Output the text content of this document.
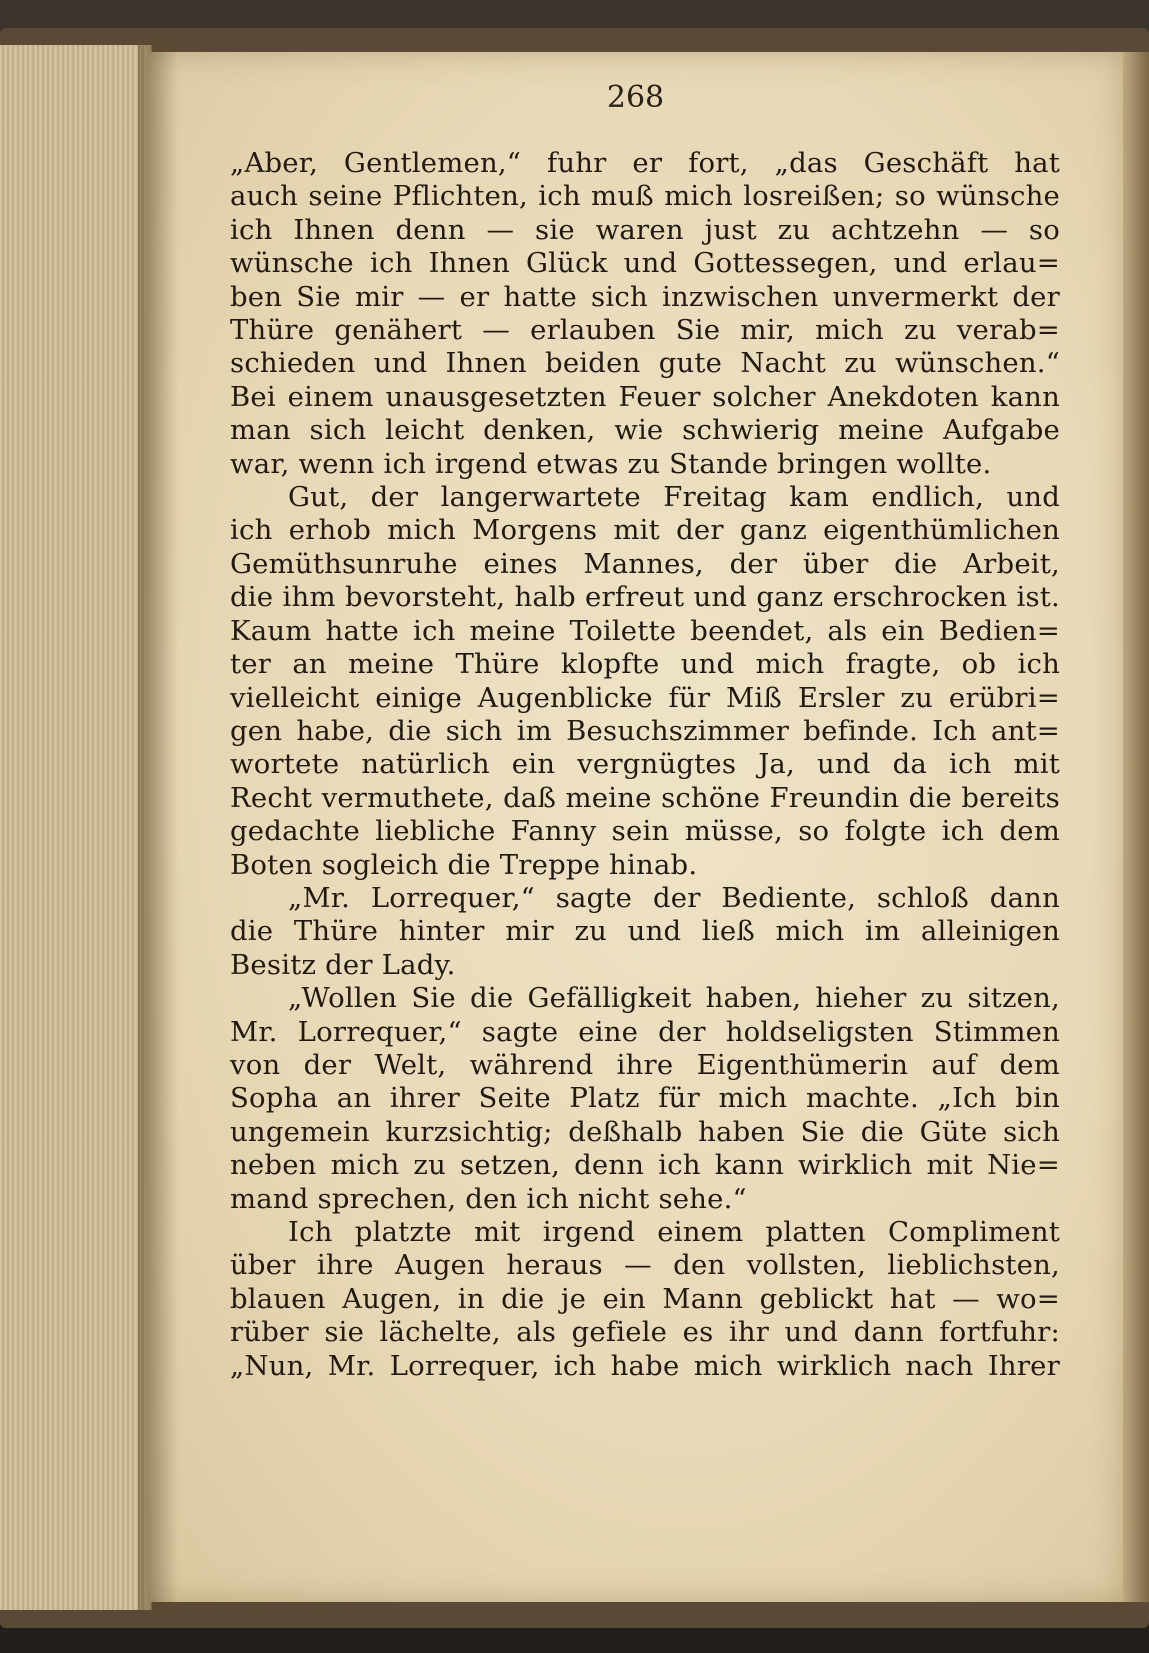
268
„Aber, Gentlemen,“ fuhr er fort, „das Geschäft hat
auch seine Pflichten, ich muß mich losreißen; so wünsche
ich Ihnen denn — sie waren just zu achtzehn — so
wünsche ich Ihnen Glück und Gottessegen, und erlau=
ben Sie mir — er hatte sich inzwischen unvermerkt der
Thüre genähert — erlauben Sie mir, mich zu verab=
schieden und Ihnen beiden gute Nacht zu wünschen.“
Bei einem unausgesetzten Feuer solcher Anekdoten kann
man sich leicht denken, wie schwierig meine Aufgabe
war, wenn ich irgend etwas zu Stande bringen wollte.
Gut, der langerwartete Freitag kam endlich, und
ich erhob mich Morgens mit der ganz eigenthümlichen
Gemüthsunruhe eines Mannes, der über die Arbeit,
die ihm bevorsteht, halb erfreut und ganz erschrocken ist.
Kaum hatte ich meine Toilette beendet, als ein Bedien=
ter an meine Thüre klopfte und mich fragte, ob ich
vielleicht einige Augenblicke für Miß Ersler zu erübri=
gen habe, die sich im Besuchszimmer befinde. Ich ant=
wortete natürlich ein vergnügtes Ja, und da ich mit
Recht vermuthete, daß meine schöne Freundin die bereits
gedachte liebliche Fanny sein müsse, so folgte ich dem
Boten sogleich die Treppe hinab.
„Mr. Lorrequer,“ sagte der Bediente, schloß dann
die Thüre hinter mir zu und ließ mich im alleinigen
Besitz der Lady.
„Wollen Sie die Gefälligkeit haben, hieher zu sitzen,
Mr. Lorrequer,“ sagte eine der holdseligsten Stimmen
von der Welt, während ihre Eigenthümerin auf dem
Sopha an ihrer Seite Platz für mich machte. „Ich bin
ungemein kurzsichtig; deßhalb haben Sie die Güte sich
neben mich zu setzen, denn ich kann wirklich mit Nie=
mand sprechen, den ich nicht sehe.“
Ich platzte mit irgend einem platten Compliment
über ihre Augen heraus — den vollsten, lieblichsten,
blauen Augen, in die je ein Mann geblickt hat — wo=
rüber sie lächelte, als gefiele es ihr und dann fortfuhr:
„Nun, Mr. Lorrequer, ich habe mich wirklich nach Ihrer
